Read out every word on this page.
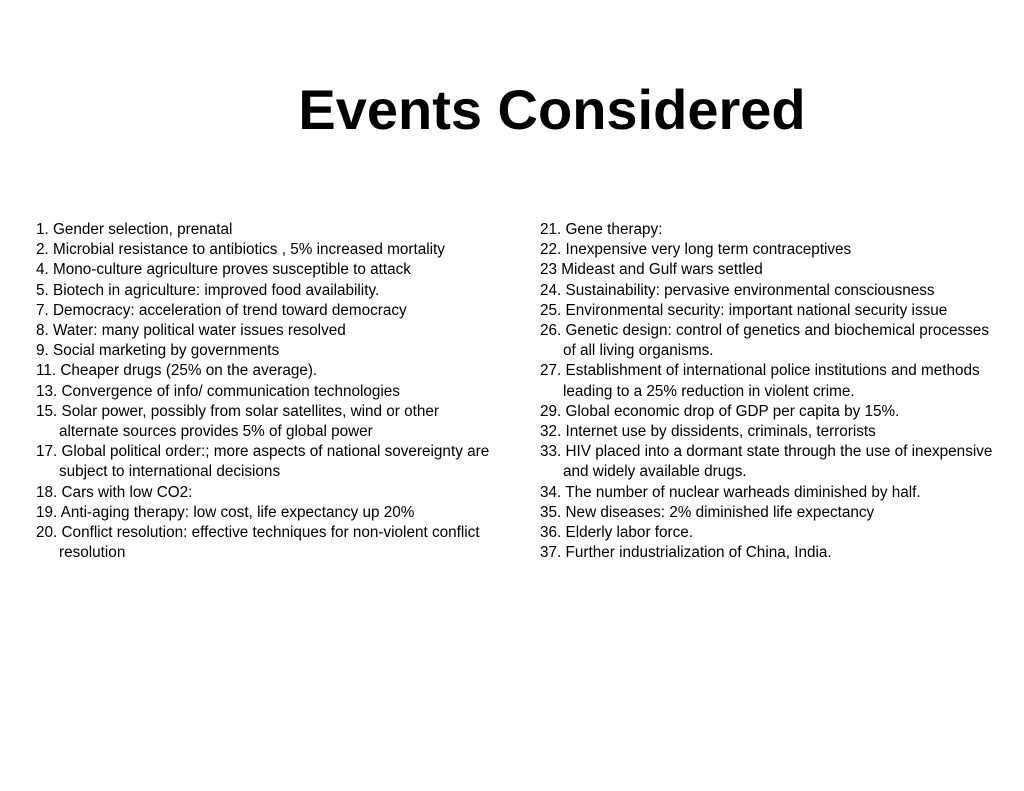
Events Considered
1. Gender selection, prenatal
2. Microbial resistance to antibiotics , 5% increased mortality
4. Mono-culture agriculture proves susceptible to attack
5. Biotech in agriculture: improved food availability.
7. Democracy: acceleration of trend toward democracy
8. Water: many political water issues resolved
9. Social marketing by governments
11. Cheaper drugs (25% on the average).
13. Convergence of info/ communication technologies
15. Solar power, possibly from solar satellites, wind or other
alternate sources provides 5% of global power
17. Global political order:; more aspects of national sovereignty are
subject to international decisions
18. Cars with low CO2:
19. Anti-aging therapy: low cost, life expectancy up 20%
20. Conflict resolution: effective techniques for non-violent conflict
resolution
21. Gene therapy:
22. Inexpensive very long term contraceptives
23 Mideast and Gulf wars settled
24. Sustainability: pervasive environmental consciousness
25. Environmental security: important national security issue
26. Genetic design: control of genetics and biochemical processes
of all living organisms.
27. Establishment of international police institutions and methods
leading to a 25% reduction in violent crime.
29. Global economic drop of GDP per capita by 15%.
32. Internet use by dissidents, criminals, terrorists
33. HIV placed into a dormant state through the use of inexpensive
and widely available drugs.
34. The number of nuclear warheads diminished by half.
35. New diseases: 2% diminished life expectancy
36. Elderly labor force.
37. Further industrialization of China, India.
